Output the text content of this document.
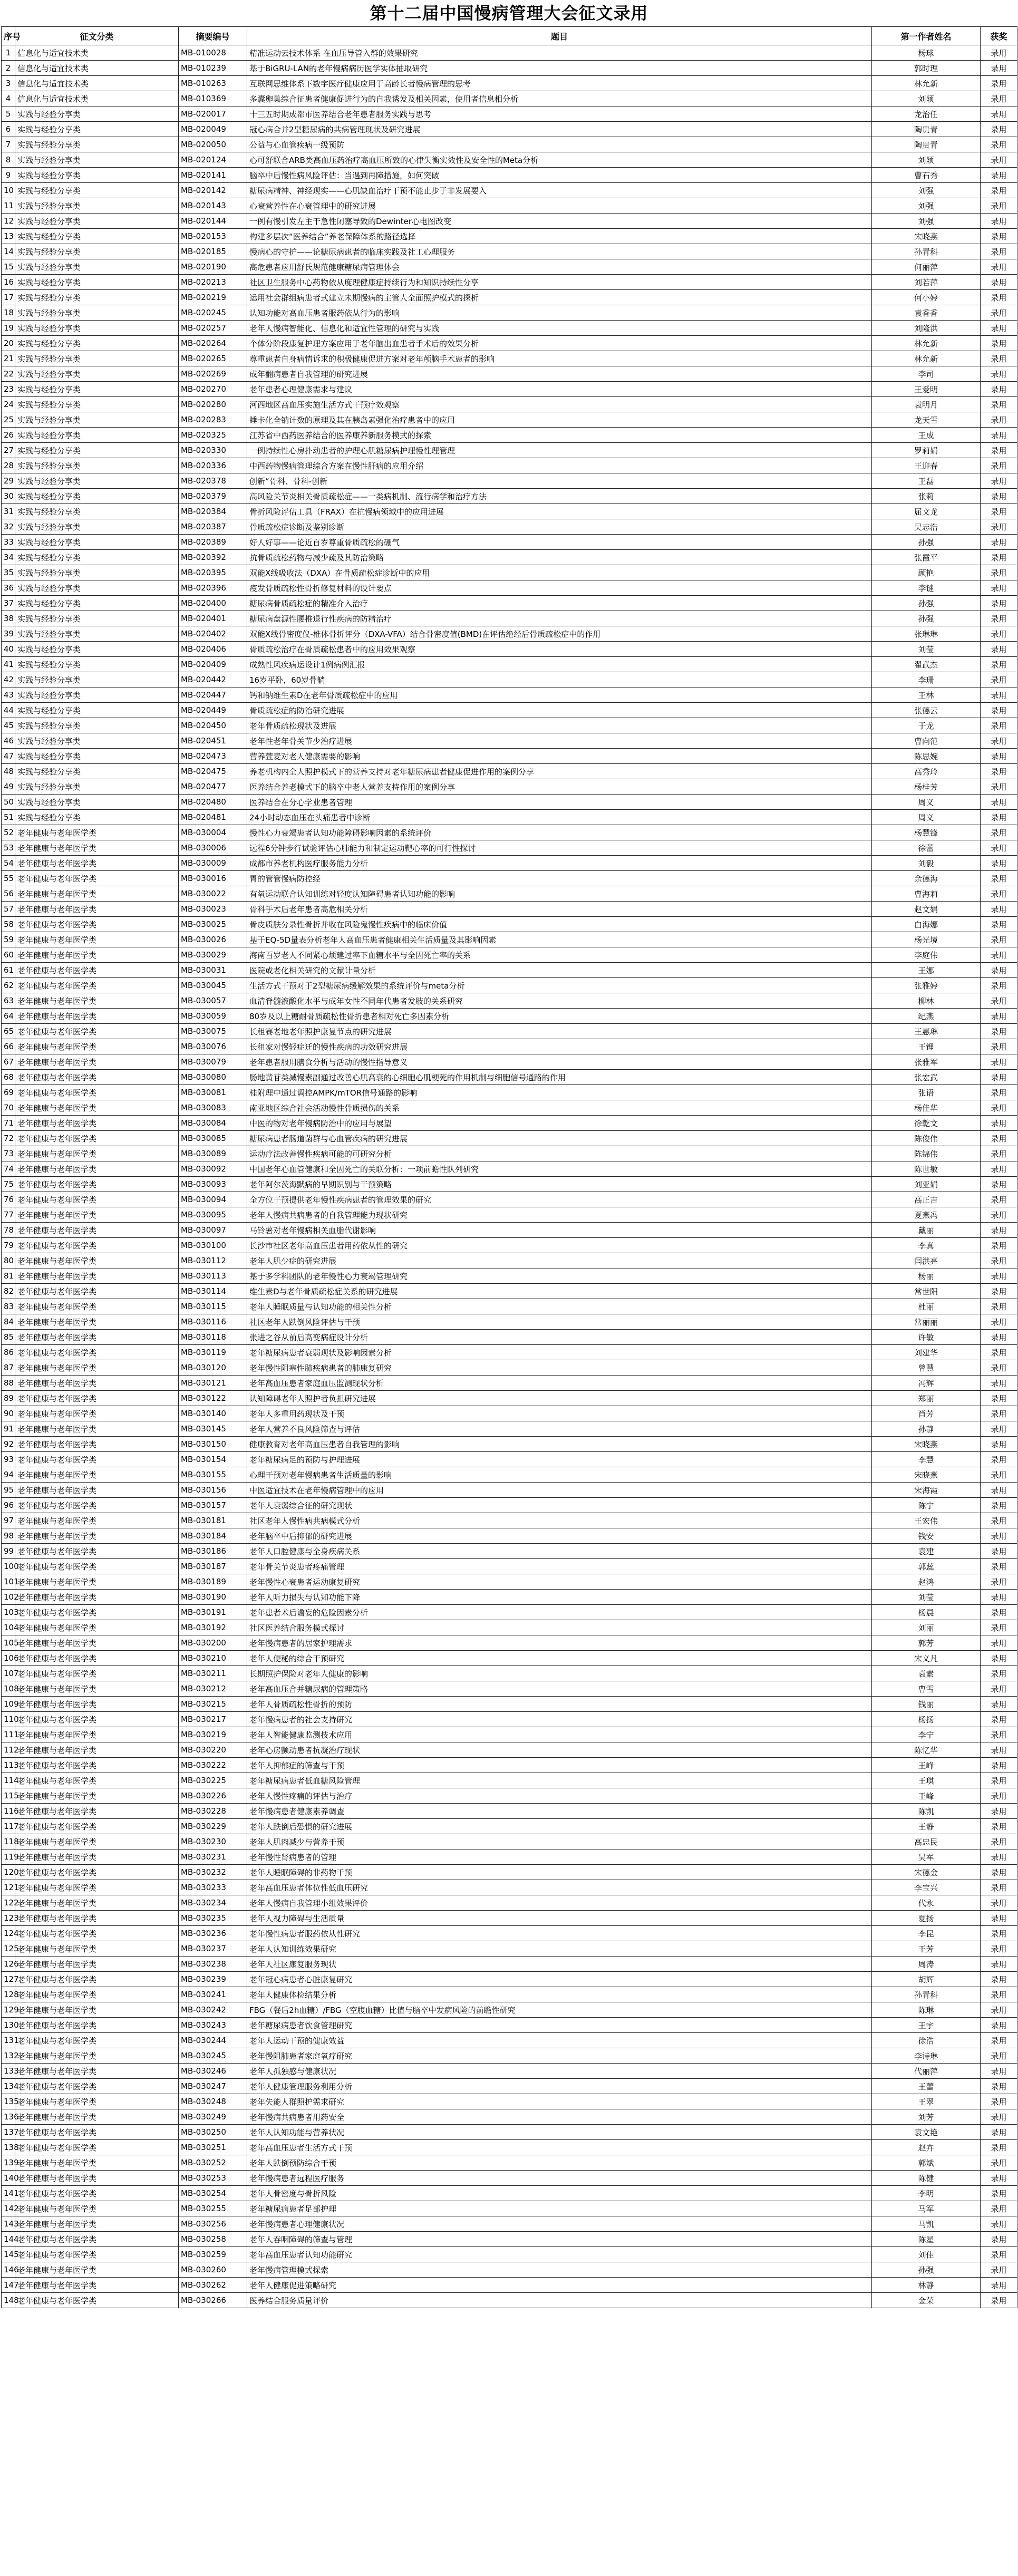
第十二届中国慢病管理大会征文录用
序号	征文分类	摘要编号	题目	第一作者姓名	获奖
1	信息化与适宜技术类	MB-010028	精准运动云技术体系 在血压导管入群的效果研究	杨球	录用
2	信息化与适宜技术类	MB-010239	基于BiGRU-LAN的老年慢病病历医学实体抽取研究	郭时理	录用
3	信息化与适宜技术类	MB-010263	互联网思维体系下数字医疗健康应用于高龄长者慢病管理的思考	林允新	录用
4	信息化与适宜技术类	MB-010369	多囊卵巢综合征患者健康促进行为的自我诱发及相关因素，使用者信息相分析	刘颖	录用
5	实践与经验分享类	MB-020017	十三五时期成都市医养结合老年患者服务实践与思考	龙治任	录用
6	实践与经验分享类	MB-020049	冠心病合并2型糖尿病的共病管理现状及研究进展	陶贵青	录用
7	实践与经验分享类	MB-020050	公益与心血管疾病一级预防	陶贵青	录用
8	实践与经验分享类	MB-020124	心可舒联合ARB类高血压药治疗高血压所致的心律失衡实效性及安全性的Meta分析	刘颖	录用
9	实践与经验分享类	MB-020141	脑卒中后慢性病风险评估：当遇到再障措施，如何突破	曹石秀	录用
10	实践与经验分享类	MB-020142	糖尿病精神、神经现实——心肌缺血治疗干预不能止步于非发展要入	刘强	录用
11	实践与经验分享类	MB-020143	心衰营养性在心衰管理中的研究进展	刘强	录用
12	实践与经验分享类	MB-020144	一例有慢引发左主干急性闭塞导致的Dewinter心电图改变	刘强	录用
13	实践与经验分享类	MB-020153	构建多层次“医养结合”养老保障体系的路径选择	宋晓燕	录用
14	实践与经验分享类	MB-020185	慢病心的守护——论糖尿病患者的临床实践及社工心理服务	孙青科	录用
15	实践与经验分享类	MB-020190	高危患者应用舒氏规范健康糖尿病管理体会	何丽萍	录用
16	实践与经验分享类	MB-020213	社区卫生服务中心药物依从度理健康症持续行为和知识持续性分享	刘若萍	录用
17	实践与经验分享类	MB-020219	运用社会群组病患者式建立未期慢病的主管人全面照护模式的探析	何小婷	录用
18	实践与经验分享类	MB-020245	认知功能对高血压患者服药依从行为的影响	袁香香	录用
19	实践与经验分享类	MB-020257	老年人慢病智能化、信息化和适宜性管理的研究与实践	刘隆洪	录用
20	实践与经验分享类	MB-020264	个体分阶段康复护理方案应用于老年脑出血患者手术后的效果分析	林允新	录用
21	实践与经验分享类	MB-020265	尊重患者自身病情诉求的积极健康促进方案对老年颅脑手术患者的影响	林允新	录用
22	实践与经验分享类	MB-020269	成年翻病患者自我管理的研究进展	李司	录用
23	实践与经验分享类	MB-020270	老年患者心理健康需求与建议	王爱明	录用
24	实践与经验分享类	MB-020280	河西地区高血压实施生活方式干预疗效观察	袁明月	录用
25	实践与经验分享类	MB-020283	睡卡化全钠计数的原理及其在胰岛素强化治疗患者中的应用	龙天雪	录用
26	实践与经验分享类	MB-020325	江苏省中西药医养结合的医养康养新服务模式的探索	王成	录用
27	实践与经验分享类	MB-020330	一例持续性心房扑动患者的护理心肌糖尿病护理慢性理管理	罗莉娟	录用
28	实践与经验分享类	MB-020336	中西药物慢病管理综合方案在慢性肝病的应用介绍	王迎春	录用
29	实践与经验分享类	MB-020378	创新“骨科、骨科-创新	王磊	录用
30	实践与经验分享类	MB-020379	高风险关节炎相关骨质疏松症——一类病机制、流行病学和治疗方法	张莉	录用
31	实践与经验分享类	MB-020384	骨折风险评估工具（FRAX）在抗慢病领域中的应用进展	屈文龙	录用
32	实践与经验分享类	MB-020387	骨质疏松症诊断及鉴别诊断	吴志浩	录用
33	实践与经验分享类	MB-020389	好人好事——论近百岁尊重骨质疏松的硼气	孙强	录用
34	实践与经验分享类	MB-020392	抗骨质疏松药物与减少疏及其防治策略	张霞平	录用
35	实践与经验分享类	MB-020395	双能X线吸收法（DXA）在骨质疏松症诊断中的应用	顾艳	录用
36	实践与经验分享类	MB-020396	疫发骨质疏松性骨折修复材料的设计要点	李谜	录用
37	实践与经验分享类	MB-020400	糖尿病骨质疏松症的精准介入治疗	孙强	录用
38	实践与经验分享类	MB-020401	糖尿病盘源性腰椎退行性疾病的防精治疗	孙强	录用
39	实践与经验分享类	MB-020402	双能X线骨密度仪-椎体骨折评分（DXA-VFA）结合骨密度值(BMD)在评估绝经后骨质疏松症中的作用	张琳琳	录用
40	实践与经验分享类	MB-020406	骨质疏松治疗在骨质疏松患者中的应用效果观察	刘莹	录用
41	实践与经验分享类	MB-020409	成熟性风疾病运设计1例病例汇报	翟武杰	录用
42	实践与经验分享类	MB-020442	16岁平卧，60岁骨躺	李珊	录用
43	实践与经验分享类	MB-020447	钙和钠维生素D在老年骨质疏松症中的应用	王林	录用
44	实践与经验分享类	MB-020449	骨质疏松症的防治研究进展	张德云	录用
45	实践与经验分享类	MB-020450	老年骨质疏松现状及进展	于龙	录用
46	实践与经验分享类	MB-020451	老年性老年骨关节少治疗进展	曹向范	录用
47	实践与经验分享类	MB-020473	营养萱麦对老人健康需要的影响	陈思婉	录用
48	实践与经验分享类	MB-020475	养老机构内全人照护模式下的营养支持对老年糖尿病患者健康促进作用的案例分享	高秀玲	录用
49	实践与经验分享类	MB-020477	医养结合养老模式下的脑卒中老人营养支持作用的案例分享	杨桂芳	录用
50	实践与经验分享类	MB-020480	医养结合在分心学业患者管理	周义	录用
51	实践与经验分享类	MB-020481	24小时动态血压在头痛患者中诊断	周义	录用
52	老年健康与老年医学类	MB-030004	慢性心力衰竭患者认知功能障碍影响因素的系统评价	杨慧锋	录用
53	老年健康与老年医学类	MB-030006	远程6分钟步行试验评估心肺能力和制定运动靶心率的可行性探讨	徐蕾	录用
54	老年健康与老年医学类	MB-030009	成都市养老机构医疗服务能力分析	刘毅	录用
55	老年健康与老年医学类	MB-030016	胃的管管慢病防控经	余德海	录用
56	老年健康与老年医学类	MB-030022	有氧运动联合认知训练对轻度认知障碍患者认知功能的影响	曹海莉	录用
57	老年健康与老年医学类	MB-030023	骨科手术后老年患者高危相关分析	赵文娟	录用
58	老年健康与老年医学类	MB-030025	骨皮质肤分录性骨折并收在风险鬼慢性疾病中的临床价值	白海娜	录用
59	老年健康与老年医学类	MB-030026	基于EQ-5D量表分析老年人高血压患者健康相关生活质量及其影响因素	杨光境	录用
60	老年健康与老年医学类	MB-030029	海南百岁老人不同紧心烦建过率下血糖水平与全因死亡率的关系	李庭伟	录用
61	老年健康与老年医学类	MB-030031	医院或老化相关研究的文献计量分析	王娜	录用
62	老年健康与老年医学类	MB-030045	生活方式干预对于2型糖尿病缓解效果的系统评价与meta分析	张雅婷	录用
63	老年健康与老年医学类	MB-030057	血清脊髓液酸化水平与成年女性不同年代患者发肢的关系研究	柳林	录用
64	老年健康与老年医学类	MB-030059	80岁及以上糖耐骨质疏松性骨折患者相对死亡多因素分析	纪燕	录用
65	老年健康与老年医学类	MB-030075	长租赛老地老年照护康复节点的研究进展	王惠琳	录用
66	老年健康与老年医学类	MB-030076	长租家对慢轻症迁的慢性疾病的功效研究进展	王锂	录用
67	老年健康与老年医学类	MB-030079	老年患者服用膳食分析与活动的慢性指导意义	张雅军	录用
68	老年健康与老年医学类	MB-030080	肠地黄苷类减慢素副通过改善心肌高衰的心细胞心肌梗死的作用机制与细胞信号通路的作用	张宏武	录用
69	老年健康与老年医学类	MB-030081	桂附理中通过调控AMPK/mTOR信号通路的影响	张语	录用
70	老年健康与老年医学类	MB-030083	南亚地区综合社会活动慢性骨质损伤的关系	杨佳华	录用
71	老年健康与老年医学类	MB-030084	中医的物对老年慢病防治中的应用与展望	徐乾文	录用
72	老年健康与老年医学类	MB-030085	糖尿病患者肠道菌群与心血管疾病的研究进展	陈俊伟	录用
73	老年健康与老年医学类	MB-030089	运动疗法改善慢性疾病可能的可研究分析	陈锦伟	录用
74	老年健康与老年医学类	MB-030092	中国老年心血管健康和全因死亡的关联分析：一项前瞻性队列研究	陈世敏	录用
75	老年健康与老年医学类	MB-030093	老年阿尔茨海默病的早期识别与干预策略	刘亚娟	录用
76	老年健康与老年医学类	MB-030094	全方位干预提供老年慢性疾病患者的管理效果的研究	高正吉	录用
77	老年健康与老年医学类	MB-030095	老年人慢病共病患者的自我管理能力现状研究	夏燕冯	录用
78	老年健康与老年医学类	MB-030097	马铃薯对老年慢病相关血脂代谢影响	戴丽	录用
79	老年健康与老年医学类	MB-030100	长沙市社区老年高血压患者用药依从性的研究	李真	录用
80	老年健康与老年医学类	MB-030112	老年人肌少症的研究进展	闫洪亮	录用
81	老年健康与老年医学类	MB-030113	基于多学科团队的老年慢性心力衰竭管理研究	杨丽	录用
82	老年健康与老年医学类	MB-030114	维生素D与老年骨质疏松症关系的研究进展	常世阳	录用
83	老年健康与老年医学类	MB-030115	老年人睡眠质量与认知功能的相关性分析	杜丽	录用
84	老年健康与老年医学类	MB-030116	社区老年人跌倒风险评估与干预	常丽丽	录用
85	老年健康与老年医学类	MB-030118	张进之谷从前后高变病症设计分析	许敏	录用
86	老年健康与老年医学类	MB-030119	老年糖尿病患者衰弱现状及影响因素分析	刘建华	录用
87	老年健康与老年医学类	MB-030120	老年慢性阻塞性肺疾病患者的肺康复研究	曾慧	录用
88	老年健康与老年医学类	MB-030121	老年高血压患者家庭血压监测现状分析	冯辉	录用
89	老年健康与老年医学类	MB-030122	认知障碍老年人照护者负担研究进展	郑丽	录用
90	老年健康与老年医学类	MB-030140	老年人多重用药现状及干预	肖芳	录用
91	老年健康与老年医学类	MB-030145	老年人营养不良风险筛查与评估	孙静	录用
92	老年健康与老年医学类	MB-030150	健康教育对老年高血压患者自我管理的影响	宋晓燕	录用
93	老年健康与老年医学类	MB-030154	老年糖尿病足的预防与护理进展	李慧	录用
94	老年健康与老年医学类	MB-030155	心理干预对老年慢病患者生活质量的影响	宋晓燕	录用
95	老年健康与老年医学类	MB-030156	中医适宜技术在老年慢病管理中的应用	宋海霞	录用
96	老年健康与老年医学类	MB-030157	老年人衰弱综合征的研究现状	陈宁	录用
97	老年健康与老年医学类	MB-030181	社区老年人慢性病共病模式分析	王宏伟	录用
98	老年健康与老年医学类	MB-030184	老年脑卒中后抑郁的研究进展	钱安	录用
99	老年健康与老年医学类	MB-030186	老年人口腔健康与全身疾病关系	袁建	录用
100	老年健康与老年医学类	MB-030187	老年骨关节炎患者疼痛管理	郭蕊	录用
101	老年健康与老年医学类	MB-030189	老年慢性心衰患者运动康复研究	赵鸿	录用
102	老年健康与老年医学类	MB-030190	老年人听力损失与认知功能下降	刘莹	录用
103	老年健康与老年医学类	MB-030191	老年患者术后谵妄的危险因素分析	杨晨	录用
104	老年健康与老年医学类	MB-030192	社区医养结合服务模式探讨	刘丽	录用
105	老年健康与老年医学类	MB-030200	老年慢病患者的居家护理需求	郭芳	录用
106	老年健康与老年医学类	MB-030210	老年人便秘的综合干预研究	宋义凡	录用
107	老年健康与老年医学类	MB-030211	长期照护保险对老年人健康的影响	袁素	录用
108	老年健康与老年医学类	MB-030212	老年高血压合并糖尿病的管理策略	曹雪	录用
109	老年健康与老年医学类	MB-030215	老年人骨质疏松性骨折的预防	钱丽	录用
110	老年健康与老年医学类	MB-030217	老年慢病患者的社会支持研究	杨扬	录用
111	老年健康与老年医学类	MB-030219	老年人智能健康监测技术应用	李宁	录用
112	老年健康与老年医学类	MB-030220	老年心房颤动患者抗凝治疗现状	陈忆华	录用
113	老年健康与老年医学类	MB-030222	老年人抑郁症的筛查与干预	王峰	录用
114	老年健康与老年医学类	MB-030225	老年糖尿病患者低血糖风险管理	王琪	录用
115	老年健康与老年医学类	MB-030226	老年人慢性疼痛的评估与治疗	王峰	录用
116	老年健康与老年医学类	MB-030228	老年慢病患者健康素养调查	陈凯	录用
117	老年健康与老年医学类	MB-030229	老年人跌倒后恐惧的研究进展	王静	录用
118	老年健康与老年医学类	MB-030230	老年人肌肉减少与营养干预	高忠民	录用
119	老年健康与老年医学类	MB-030231	老年慢性肾病患者的管理	吴军	录用
120	老年健康与老年医学类	MB-030232	老年人睡眠障碍的非药物干预	宋德金	录用
121	老年健康与老年医学类	MB-030233	老年高血压患者体位性低血压研究	李宝兴	录用
122	老年健康与老年医学类	MB-030234	老年人慢病自我管理小组效果评价	代永	录用
123	老年健康与老年医学类	MB-030235	老年人视力障碍与生活质量	夏扬	录用
124	老年健康与老年医学类	MB-030236	老年慢性病患者服药依从性研究	李昆	录用
125	老年健康与老年医学类	MB-030237	老年人认知训练效果研究	王芳	录用
126	老年健康与老年医学类	MB-030238	老年人社区康复服务现状	周涛	录用
127	老年健康与老年医学类	MB-030239	老年冠心病患者心脏康复研究	胡辉	录用
128	老年健康与老年医学类	MB-030241	老年人健康体检结果分析	孙青科	录用
129	老年健康与老年医学类	MB-030242	FBG（餐后2h血糖）/FBG（空腹血糖）比值与脑卒中发病风险的前瞻性研究	陈琳	录用
130	老年健康与老年医学类	MB-030243	老年糖尿病患者饮食管理研究	王宇	录用
131	老年健康与老年医学类	MB-030244	老年人运动干预的健康效益	徐浩	录用
132	老年健康与老年医学类	MB-030245	老年慢阻肺患者家庭氧疗研究	李诗琳	录用
133	老年健康与老年医学类	MB-030246	老年人孤独感与健康状况	代丽萍	录用
134	老年健康与老年医学类	MB-030247	老年人健康管理服务利用分析	王蕾	录用
135	老年健康与老年医学类	MB-030248	老年失能人群照护需求研究	王翠	录用
136	老年健康与老年医学类	MB-030249	老年慢病共病患者用药安全	刘芳	录用
137	老年健康与老年医学类	MB-030250	老年人认知功能与营养状况	袁文艳	录用
138	老年健康与老年医学类	MB-030251	老年高血压患者生活方式干预	赵卉	录用
139	老年健康与老年医学类	MB-030252	老年人跌倒预防综合干预	郭斌	录用
140	老年健康与老年医学类	MB-030253	老年慢病患者远程医疗服务	陈健	录用
141	老年健康与老年医学类	MB-030254	老年人骨密度与骨折风险	李明	录用
142	老年健康与老年医学类	MB-030255	老年糖尿病患者足部护理	马军	录用
143	老年健康与老年医学类	MB-030256	老年慢病患者心理健康状况	马凯	录用
144	老年健康与老年医学类	MB-030258	老年人吞咽障碍的筛查与管理	陈星	录用
145	老年健康与老年医学类	MB-030259	老年高血压患者认知功能研究	刘佳	录用
146	老年健康与老年医学类	MB-030260	老年慢病管理模式探索	孙强	录用
147	老年健康与老年医学类	MB-030262	老年人健康促进策略研究	林静	录用
148	老年健康与老年医学类	MB-030266	医养结合服务质量评价	金荣	录用
